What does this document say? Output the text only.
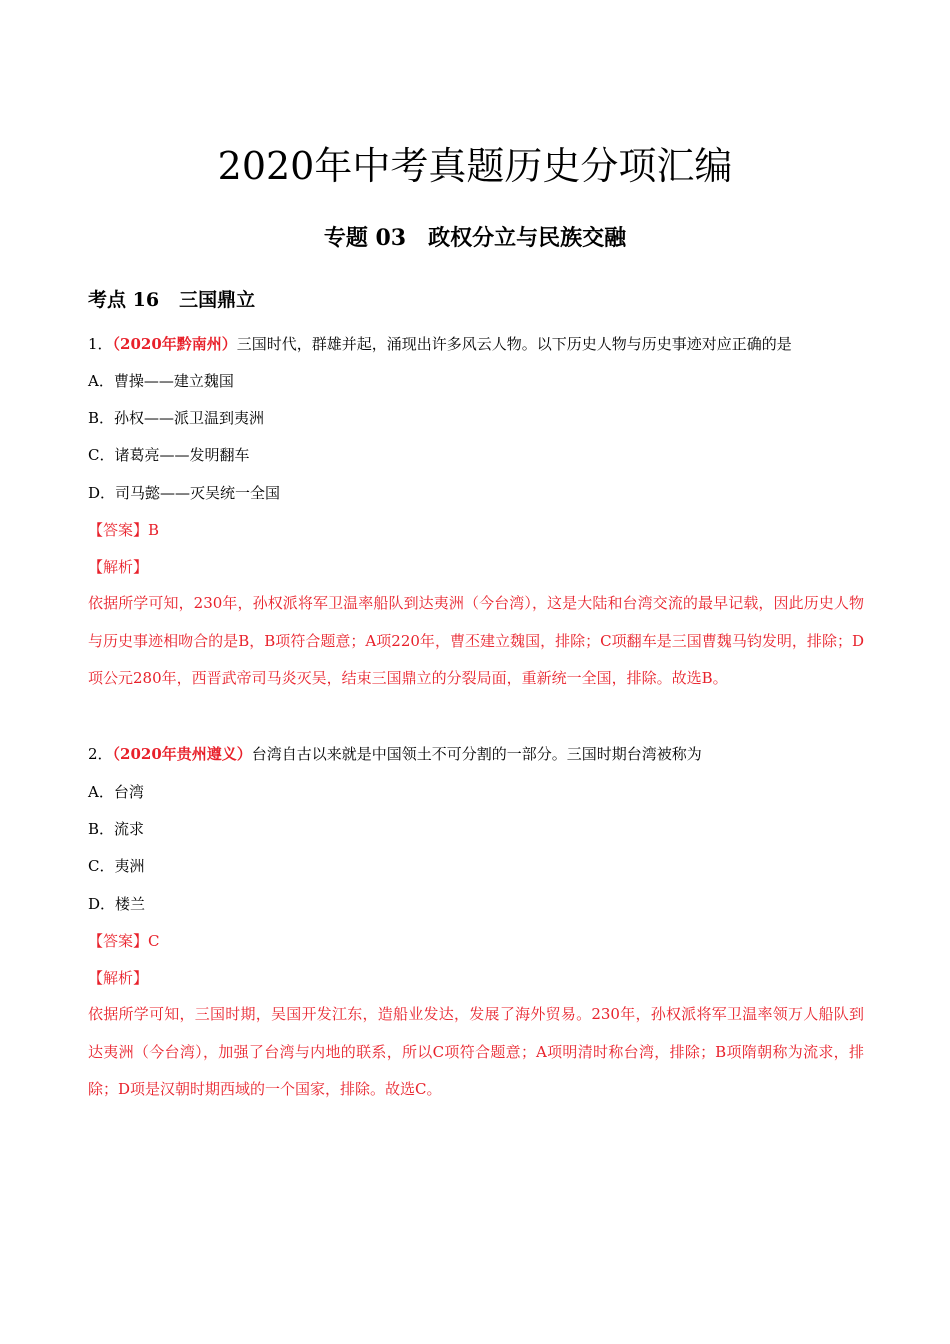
2020年中考真题历史分项汇编
专题 03 政权分立与民族交融
考点 16 三国鼎立
1．（2020年黔南州）三国时代，群雄并起，涌现出许多风云人物。以下历史人物与历史事迹对应正确的是
A．曹操——建立魏国
B．孙权——派卫温到夷洲
C．诸葛亮——发明翻车
D．司马懿——灭吴统一全国
【答案】B
【解析】

依据所学可知，230年，孙权派将军卫温率船队到达夷洲（今台湾），这是大陆和台湾交流的最早记载，因此历史人物与历史事迹相吻合的是B，B项符合题意；A项220年，曹丕建立魏国，排除；C项翻车是三国曹魏马钧发明，排除；D项公元280年，西晋武帝司马炎灭吴，结束三国鼎立的分裂局面，重新统一全国，排除。故选B。

2．（2020年贵州遵义）台湾自古以来就是中国领土不可分割的一部分。三国时期台湾被称为
A．台湾
B．流求
C．夷洲
D．楼兰
【答案】C
【解析】

依据所学可知，三国时期，吴国开发江东，造船业发达，发展了海外贸易。230年，孙权派将军卫温率领万人船队到达夷洲（今台湾），加强了台湾与内地的联系，所以C项符合题意；A项明清时称台湾，排除；B项隋朝称为流求，排除；D项是汉朝时期西域的一个国家，排除。故选C。
